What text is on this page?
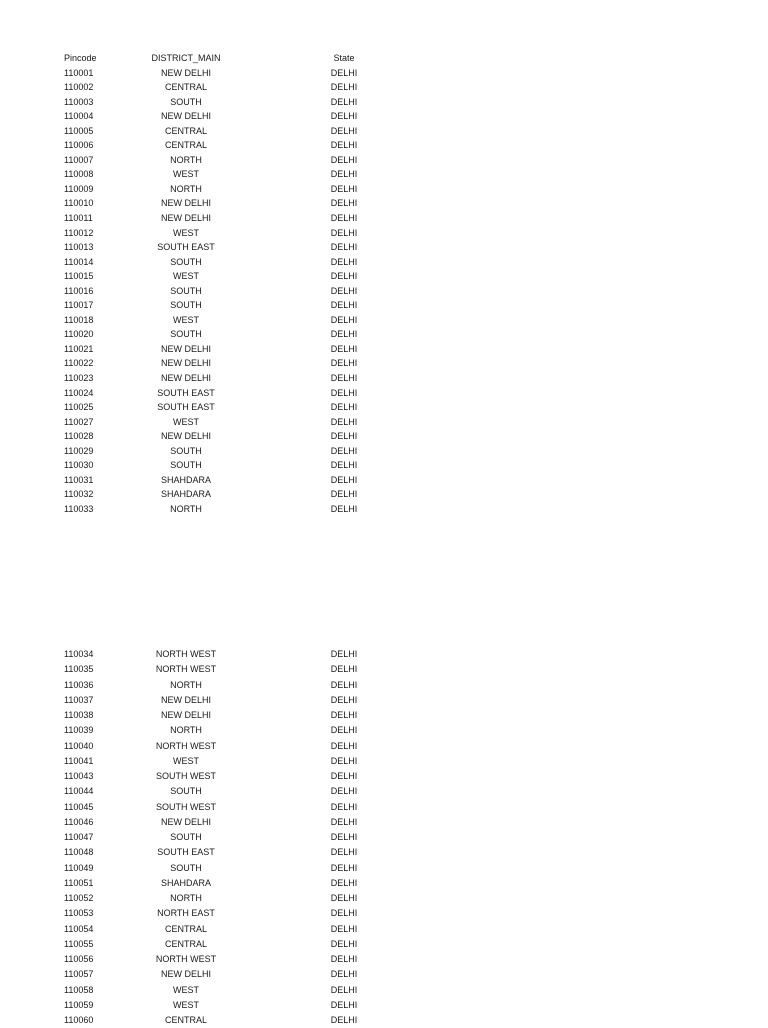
Pincode	DISTRICT_MAIN	State
110001	NEW DELHI	DELHI
110002	CENTRAL	DELHI
110003	SOUTH	DELHI
110004	NEW DELHI	DELHI
110005	CENTRAL	DELHI
110006	CENTRAL	DELHI
110007	NORTH	DELHI
110008	WEST	DELHI
110009	NORTH	DELHI
110010	NEW DELHI	DELHI
110011	NEW DELHI	DELHI
110012	WEST	DELHI
110013	SOUTH EAST	DELHI
110014	SOUTH	DELHI
110015	WEST	DELHI
110016	SOUTH	DELHI
110017	SOUTH	DELHI
110018	WEST	DELHI
110020	SOUTH	DELHI
110021	NEW DELHI	DELHI
110022	NEW DELHI	DELHI
110023	NEW DELHI	DELHI
110024	SOUTH EAST	DELHI
110025	SOUTH EAST	DELHI
110027	WEST	DELHI
110028	NEW DELHI	DELHI
110029	SOUTH	DELHI
110030	SOUTH	DELHI
110031	SHAHDARA	DELHI
110032	SHAHDARA	DELHI
110033	NORTH	DELHI
110034	NORTH WEST	DELHI
110035	NORTH WEST	DELHI
110036	NORTH	DELHI
110037	NEW DELHI	DELHI
110038	NEW DELHI	DELHI
110039	NORTH	DELHI
110040	NORTH WEST	DELHI
110041	WEST	DELHI
110043	SOUTH WEST	DELHI
110044	SOUTH	DELHI
110045	SOUTH WEST	DELHI
110046	NEW DELHI	DELHI
110047	SOUTH	DELHI
110048	SOUTH EAST	DELHI
110049	SOUTH	DELHI
110051	SHAHDARA	DELHI
110052	NORTH	DELHI
110053	NORTH EAST	DELHI
110054	CENTRAL	DELHI
110055	CENTRAL	DELHI
110056	NORTH WEST	DELHI
110057	NEW DELHI	DELHI
110058	WEST	DELHI
110059	WEST	DELHI
110060	CENTRAL	DELHI
